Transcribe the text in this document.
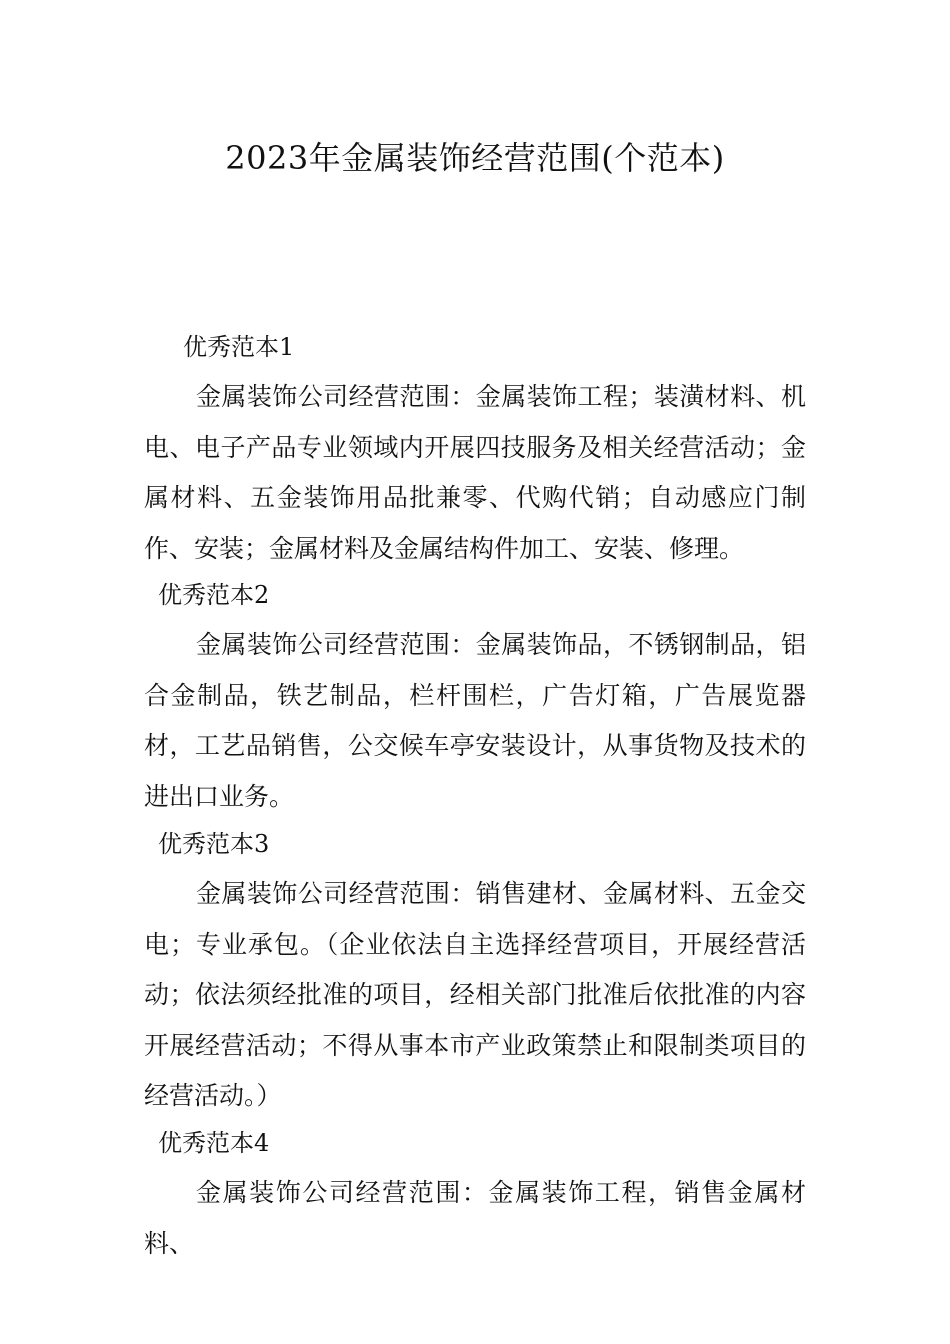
2023年金属装饰经营范围(个范本)
优秀范本1

金属装饰公司经营范围：金属装饰工程；装潢材料、机电、电子产品专业领域内开展四技服务及相关经营活动；金属材料、五金装饰用品批兼零、代购代销；自动感应门制作、安装；金属材料及金属结构件加工、安装、修理。

优秀范本2

金属装饰公司经营范围：金属装饰品，不锈钢制品，铝合金制品，铁艺制品，栏杆围栏，广告灯箱，广告展览器材，工艺品销售，公交候车亭安装设计，从事货物及技术的进出口业务。

优秀范本3

金属装饰公司经营范围：销售建材、金属材料、五金交电；专业承包。（企业依法自主选择经营项目，开展经营活动；依法须经批准的项目，经相关部门批准后依批准的内容开展经营活动；不得从事本市产业政策禁止和限制类项目的经营活动。）

优秀范本4

金属装饰公司经营范围：金属装饰工程，销售金属材料、
